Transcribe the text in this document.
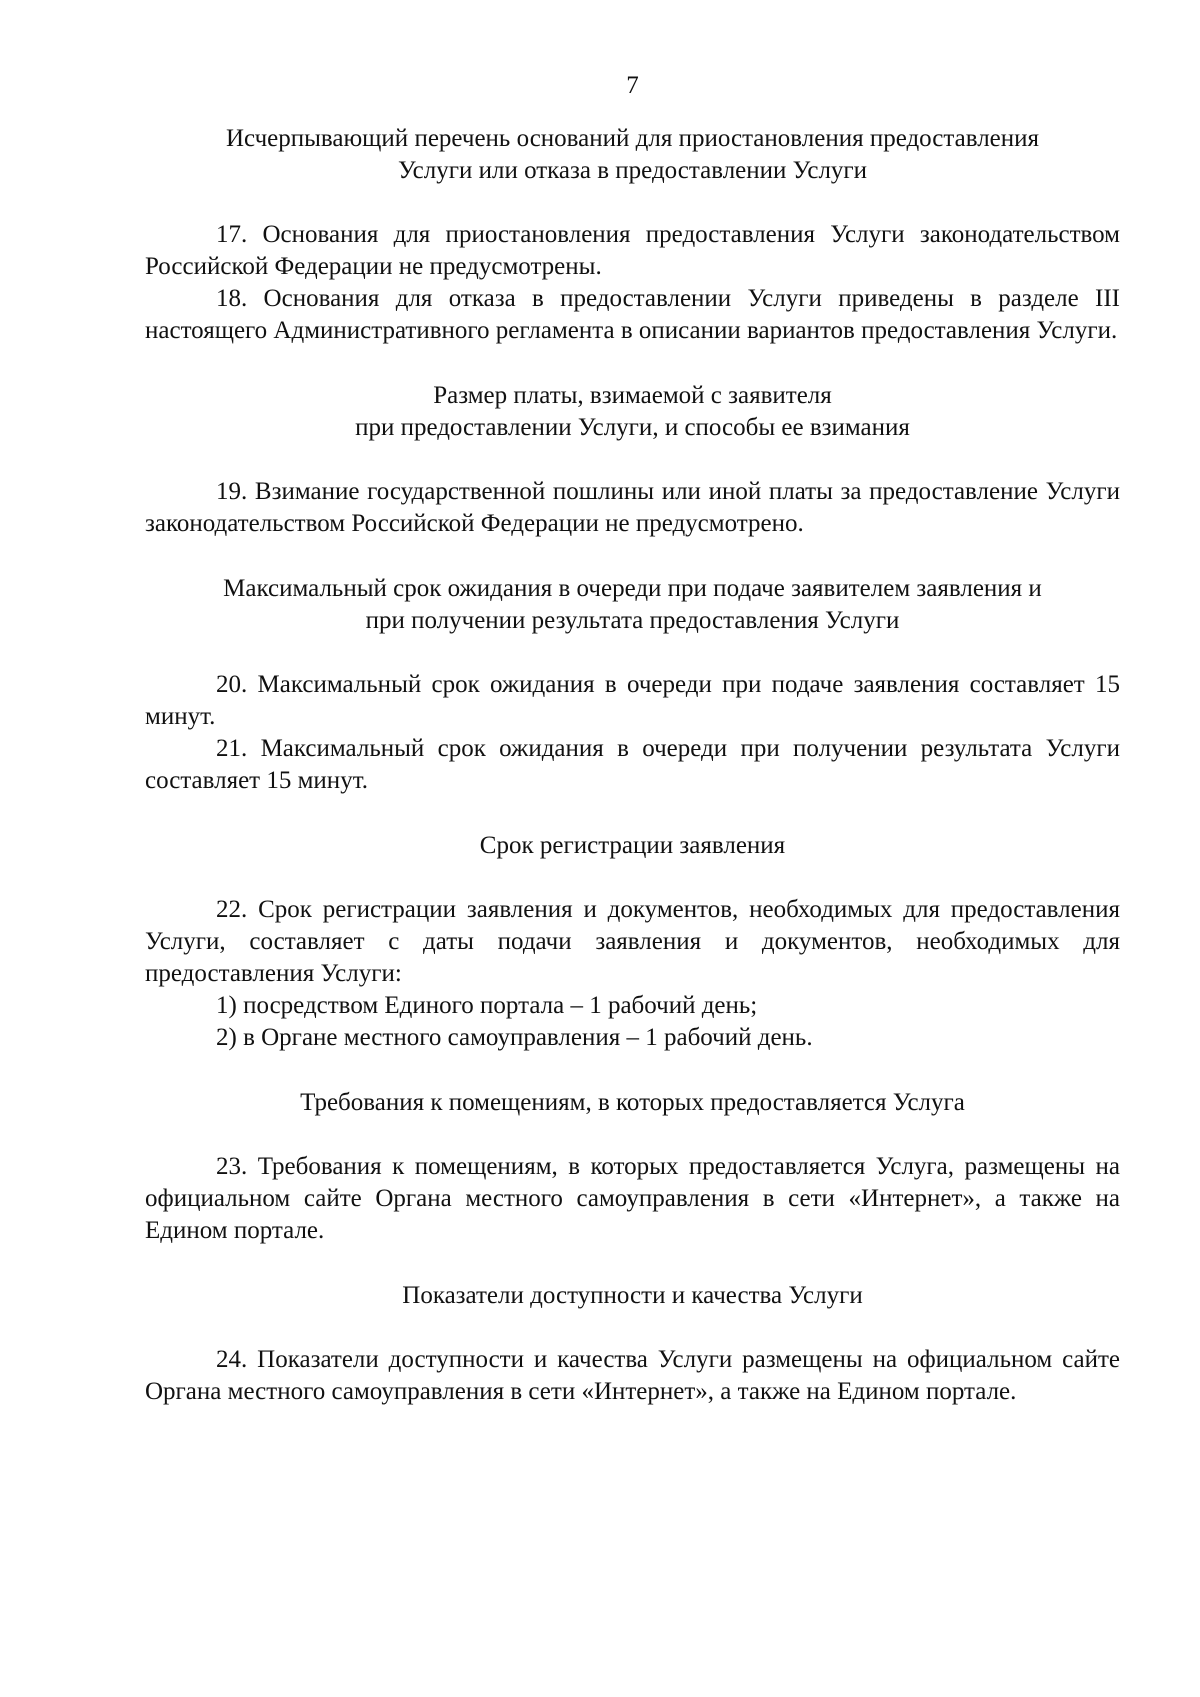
7
Исчерпывающий перечень оснований для приостановления предоставления
Услуги или отказа в предоставлении Услуги

17. Основания для приостановления предоставления Услуги законодательством Российской Федерации не предусмотрены.

18. Основания для отказа в предоставлении Услуги приведены в разделе III настоящего Административного регламента в описании вариантов предоставления Услуги.

Размер платы, взимаемой с заявителя
при предоставлении Услуги, и способы ее взимания

19. Взимание государственной пошлины или иной платы за предоставление Услуги законодательством Российской Федерации не предусмотрено.

Максимальный срок ожидания в очереди при подаче заявителем заявления и
при получении результата предоставления Услуги

20. Максимальный срок ожидания в очереди при подаче заявления составляет 15 минут.

21. Максимальный срок ожидания в очереди при получении результата Услуги составляет 15 минут.

Срок регистрации заявления

22. Срок регистрации заявления и документов, необходимых для предоставления Услуги, составляет с даты подачи заявления и документов, необходимых для предоставления Услуги:

1) посредством Единого портала – 1 рабочий день;

2) в Органе местного самоуправления – 1 рабочий день.

Требования к помещениям, в которых предоставляется Услуга

23. Требования к помещениям, в которых предоставляется Услуга, размещены на официальном сайте Органа местного самоуправления в сети «Интернет», а также на Едином портале.

Показатели доступности и качества Услуги

24. Показатели доступности и качества Услуги размещены на официальном сайте Органа местного самоуправления в сети «Интернет», а также на Едином портале.
